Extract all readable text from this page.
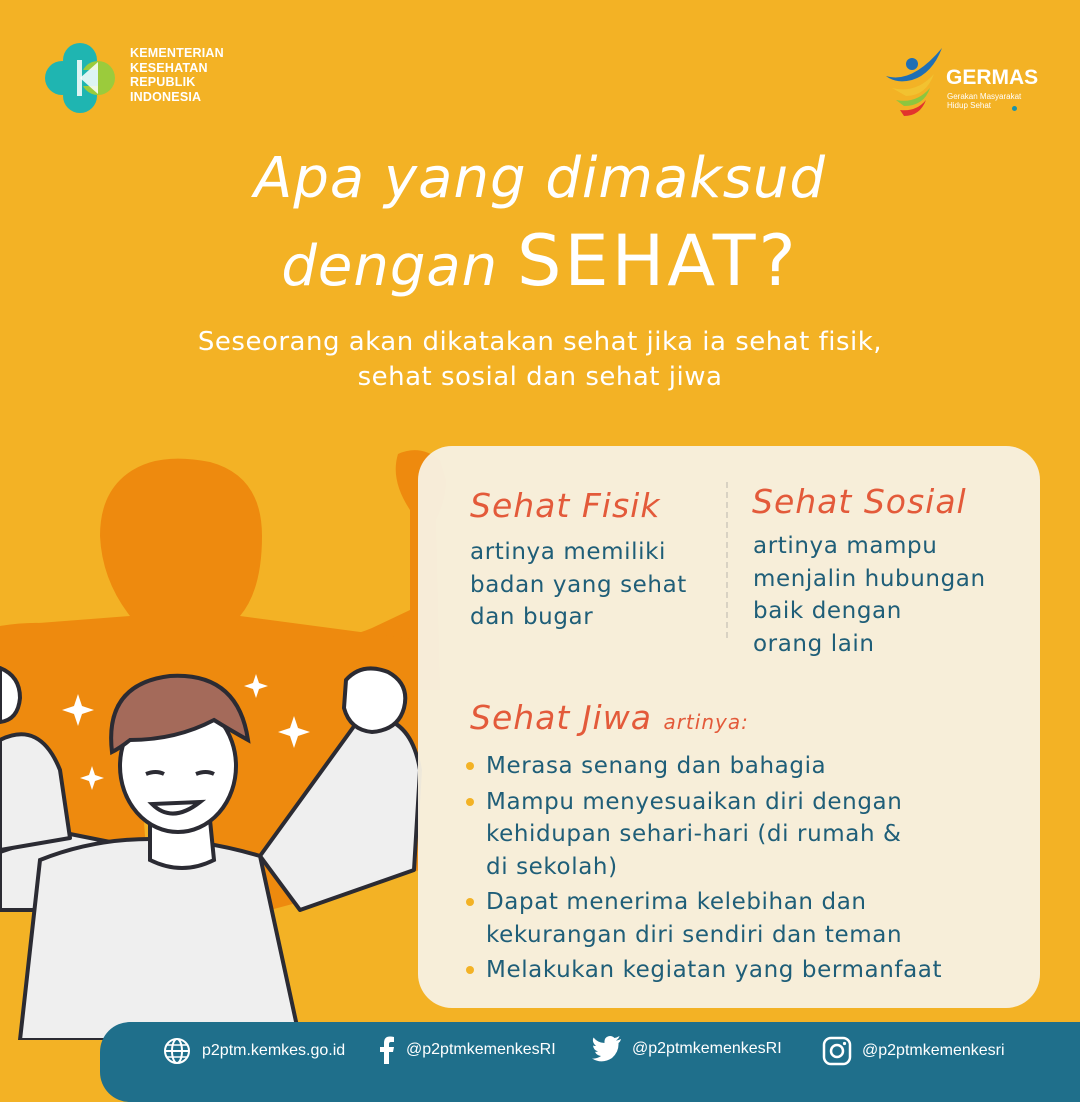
KEMENTERIAN
KESEHATAN
REPUBLIK
INDONESIA
GERMAS
Gerakan Masyarakat
Hidup Sehat
Apa yang dimaksud
dengan SEHAT?
Seseorang akan dikatakan sehat jika ia sehat fisik,
sehat sosial dan sehat jiwa
Sehat Fisik
artinya memiliki
badan yang sehat
dan bugar
Sehat Sosial
artinya mampu
menjalin hubungan
baik dengan
orang lain
Sehat Jiwa artinya:
Merasa senang dan bahagia
Mampu menyesuaikan diri dengan
kehidupan sehari-hari (di rumah &
di sekolah)
Dapat menerima kelebihan dan
kekurangan diri sendiri dan teman
Melakukan kegiatan yang bermanfaat
p2ptm.kemkes.go.id	@p2ptmkemenkesRI	@p2ptmkemenkesRI	@p2ptmkemenkesri
